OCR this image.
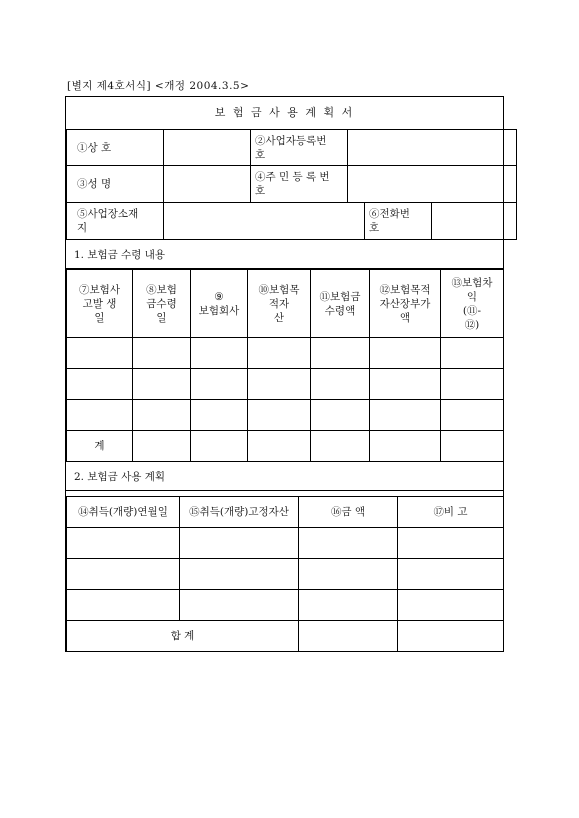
[별지 제4호서식] <개정 2004.3.5>
보 험 금 사 용 계 획 서
①상 호		②사업자등록번
호			
③성 명		④주 민 등 록 번
호			
⑤사업장소재
지				⑥전화번
호	
1. 보험금 수령 내용
⑦보험사
고발 생
일	⑧보험
금수령
일	⑨
보험회사	⑩보험목
적자
산	⑪보험금
수령액	⑫보험목적
자산장부가
액	⑬보험차
익
(⑪-
⑫)

계						
2. 보험금 사용 계획
⑭취득(개량)연월일	⑮취득(개량)고정자산	⑯금 액	⑰비 고

합 계			
